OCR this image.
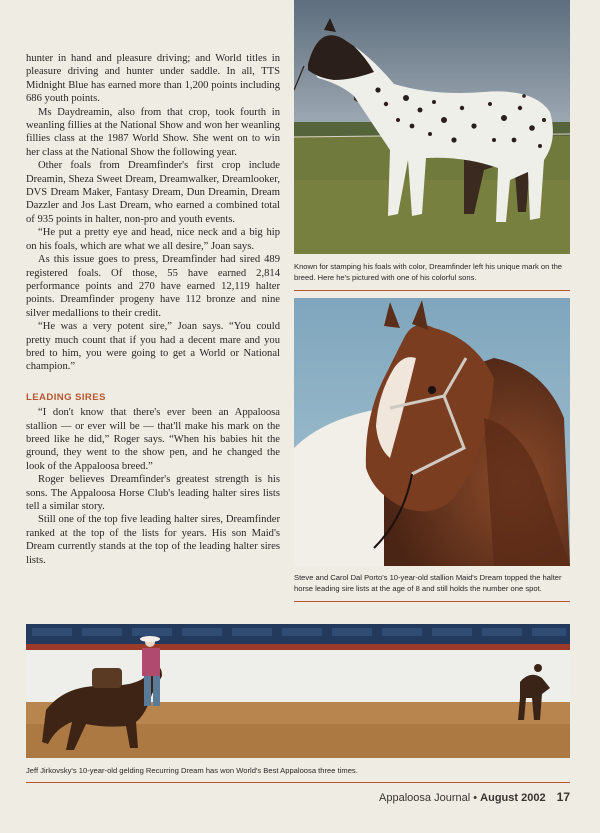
hunter in hand and pleasure driving; and World titles in pleasure driving and hunter under saddle. In all, TTS Midnight Blue has earned more than 1,200 points including 686 youth points.

Ms Daydreamin, also from that crop, took fourth in weanling fillies at the National Show and won her weanling fillies class at the 1987 World Show. She went on to win her class at the National Show the following year.

Other foals from Dreamfinder's first crop include Dreamin, Sheza Sweet Dream, Dreamwalker, Dreamlooker, DVS Dream Maker, Fantasy Dream, Dun Dreamin, Dream Dazzler and Jos Last Dream, who earned a combined total of 935 points in halter, non-pro and youth events.

“He put a pretty eye and head, nice neck and a big hip on his foals, which are what we all desire,” Joan says.

As this issue goes to press, Dreamfinder had sired 489 registered foals. Of those, 55 have earned 2,814 performance points and 270 have earned 12,119 halter points. Dreamfinder progeny have 112 bronze and nine silver medallions to their credit.

“He was a very potent sire,” Joan says. “You could pretty much count that if you had a decent mare and you bred to him, you were going to get a World or National champion.”

LEADING SIRES

“I don't know that there's ever been an Appaloosa stallion — or ever will be — that'll make his mark on the breed like he did,” Roger says. “When his babies hit the ground, they went to the show pen, and he changed the look of the Appaloosa breed.”

Roger believes Dreamfinder's greatest strength is his sons. The Appaloosa Horse Club's leading halter sires lists tell a similar story.

Still one of the top five leading halter sires, Dreamfinder ranked at the top of the lists for years. His son Maid's Dream currently stands at the top of the leading halter sires lists.

Known for stamping his foals with color, Dreamfinder left his unique mark on the breed. Here he's pictured with one of his colorful sons.
Steve and Carol Dal Porto's 10-year-old stallion Maid's Dream topped the halter horse leading sire lists at the age of 8 and still holds the number one spot.
Jeff Jirkovsky's 10-year-old gelding Recurring Dream has won World's Best Appaloosa three times.
Appaloosa Journal • August 2002 17
